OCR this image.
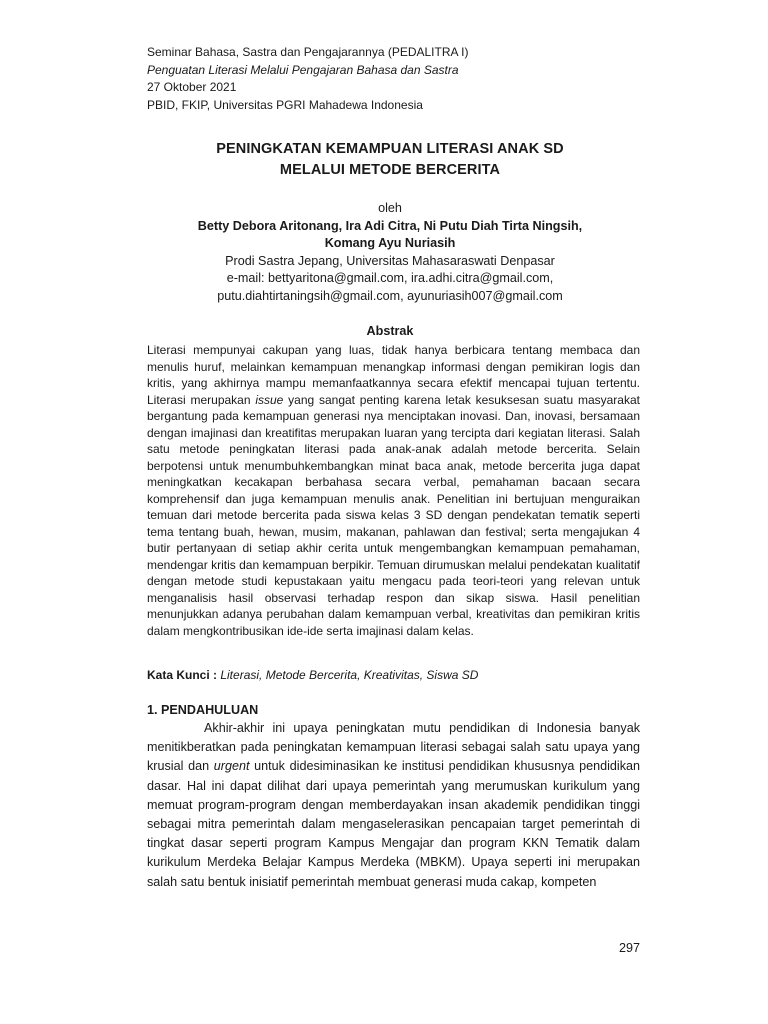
Seminar Bahasa, Sastra dan Pengajarannya (PEDALITRA I)
Penguatan Literasi Melalui Pengajaran Bahasa dan Sastra
27 Oktober 2021
PBID, FKIP, Universitas PGRI Mahadewa Indonesia
PENINGKATAN KEMAMPUAN LITERASI ANAK SD
MELALUI METODE BERCERITA
oleh
Betty Debora Aritonang, Ira Adi Citra, Ni Putu Diah Tirta Ningsih,
Komang Ayu Nuriasih
Prodi Sastra Jepang, Universitas Mahasaraswati Denpasar
e-mail: bettyaritona@gmail.com, ira.adhi.citra@gmail.com,
putu.diahtirtaningsih@gmail.com, ayunuriasih007@gmail.com
Abstrak

Literasi mempunyai cakupan yang luas, tidak hanya berbicara tentang membaca dan menulis huruf, melainkan kemampuan menangkap informasi dengan pemikiran logis dan kritis, yang akhirnya mampu memanfaatkannya secara efektif mencapai tujuan tertentu. Literasi merupakan issue yang sangat penting karena letak kesuksesan suatu masyarakat bergantung pada kemampuan generasi nya menciptakan inovasi. Dan, inovasi, bersamaan dengan imajinasi dan kreatifitas merupakan luaran yang tercipta dari kegiatan literasi. Salah satu metode peningkatan literasi pada anak-anak adalah metode bercerita. Selain berpotensi untuk menumbuhkembangkan minat baca anak, metode bercerita juga dapat meningkatkan kecakapan berbahasa secara verbal, pemahaman bacaan secara komprehensif dan juga kemampuan menulis anak. Penelitian ini bertujuan menguraikan temuan dari metode bercerita pada siswa kelas 3 SD dengan pendekatan tematik seperti tema tentang buah, hewan, musim, makanan, pahlawan dan festival; serta mengajukan 4 butir pertanyaan di setiap akhir cerita untuk mengembangkan kemampuan pemahaman, mendengar kritis dan kemampuan berpikir. Temuan dirumuskan melalui pendekatan kualitatif dengan metode studi kepustakaan yaitu mengacu pada teori-teori yang relevan untuk menganalisis hasil observasi terhadap respon dan sikap siswa. Hasil penelitian menunjukkan adanya perubahan dalam kemampuan verbal, kreativitas dan pemikiran kritis dalam mengkontribusikan ide-ide serta imajinasi dalam kelas.

Kata Kunci : Literasi, Metode Bercerita, Kreativitas, Siswa SD
1. PENDAHULUAN

Akhir-akhir ini upaya peningkatan mutu pendidikan di Indonesia banyak menitikberatkan pada peningkatan kemampuan literasi sebagai salah satu upaya yang krusial dan urgent untuk didesiminasikan ke institusi pendidikan khususnya pendidikan dasar. Hal ini dapat dilihat dari upaya pemerintah yang merumuskan kurikulum yang memuat program-program dengan memberdayakan insan akademik pendidikan tinggi sebagai mitra pemerintah dalam mengaselerasikan pencapaian target pemerintah di tingkat dasar seperti program Kampus Mengajar dan program KKN Tematik dalam kurikulum Merdeka Belajar Kampus Merdeka (MBKM). Upaya seperti ini merupakan salah satu bentuk inisiatif pemerintah membuat generasi muda cakap, kompeten

297
